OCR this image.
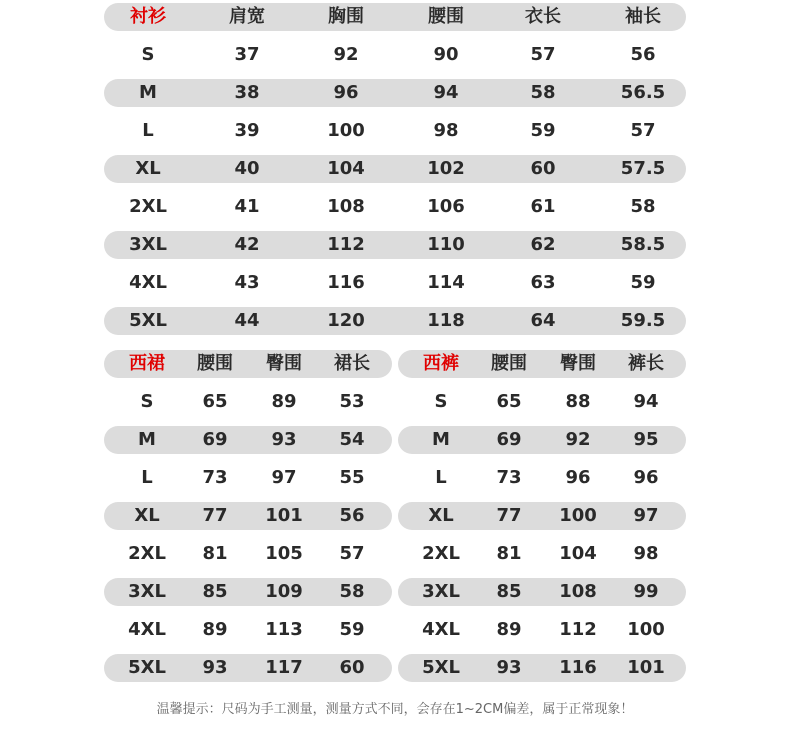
衬衫	肩宽	胸围	腰围	衣长	袖长
S	37	92	90	57	56
M	38	96	94	58	56.5
L	39	100	98	59	57
XL	40	104	102	60	57.5
2XL	41	108	106	61	58
3XL	42	112	110	62	58.5
4XL	43	116	114	63	59
5XL	44	120	118	64	59.5
西裙 腰围 臀围 裙长
S	65 89 53
M	69 93 54
L	73 97 55
XL 77 101 56
2XL 81 105 57
3XL 85 109 58
4XL 89 113 59
5XL 93 117 60
西裤 腰围 臀围 裤长
S	65 88 94
M	69 92 95
L	73 96 96
XL 77 100 97
2XL 81 104 98
3XL 85 108 99
4XL 89 112 100
5XL 93 116 101
温馨提示：尺码为手工测量，测量方式不同，会存在1~2CM偏差，属于正常现象！
